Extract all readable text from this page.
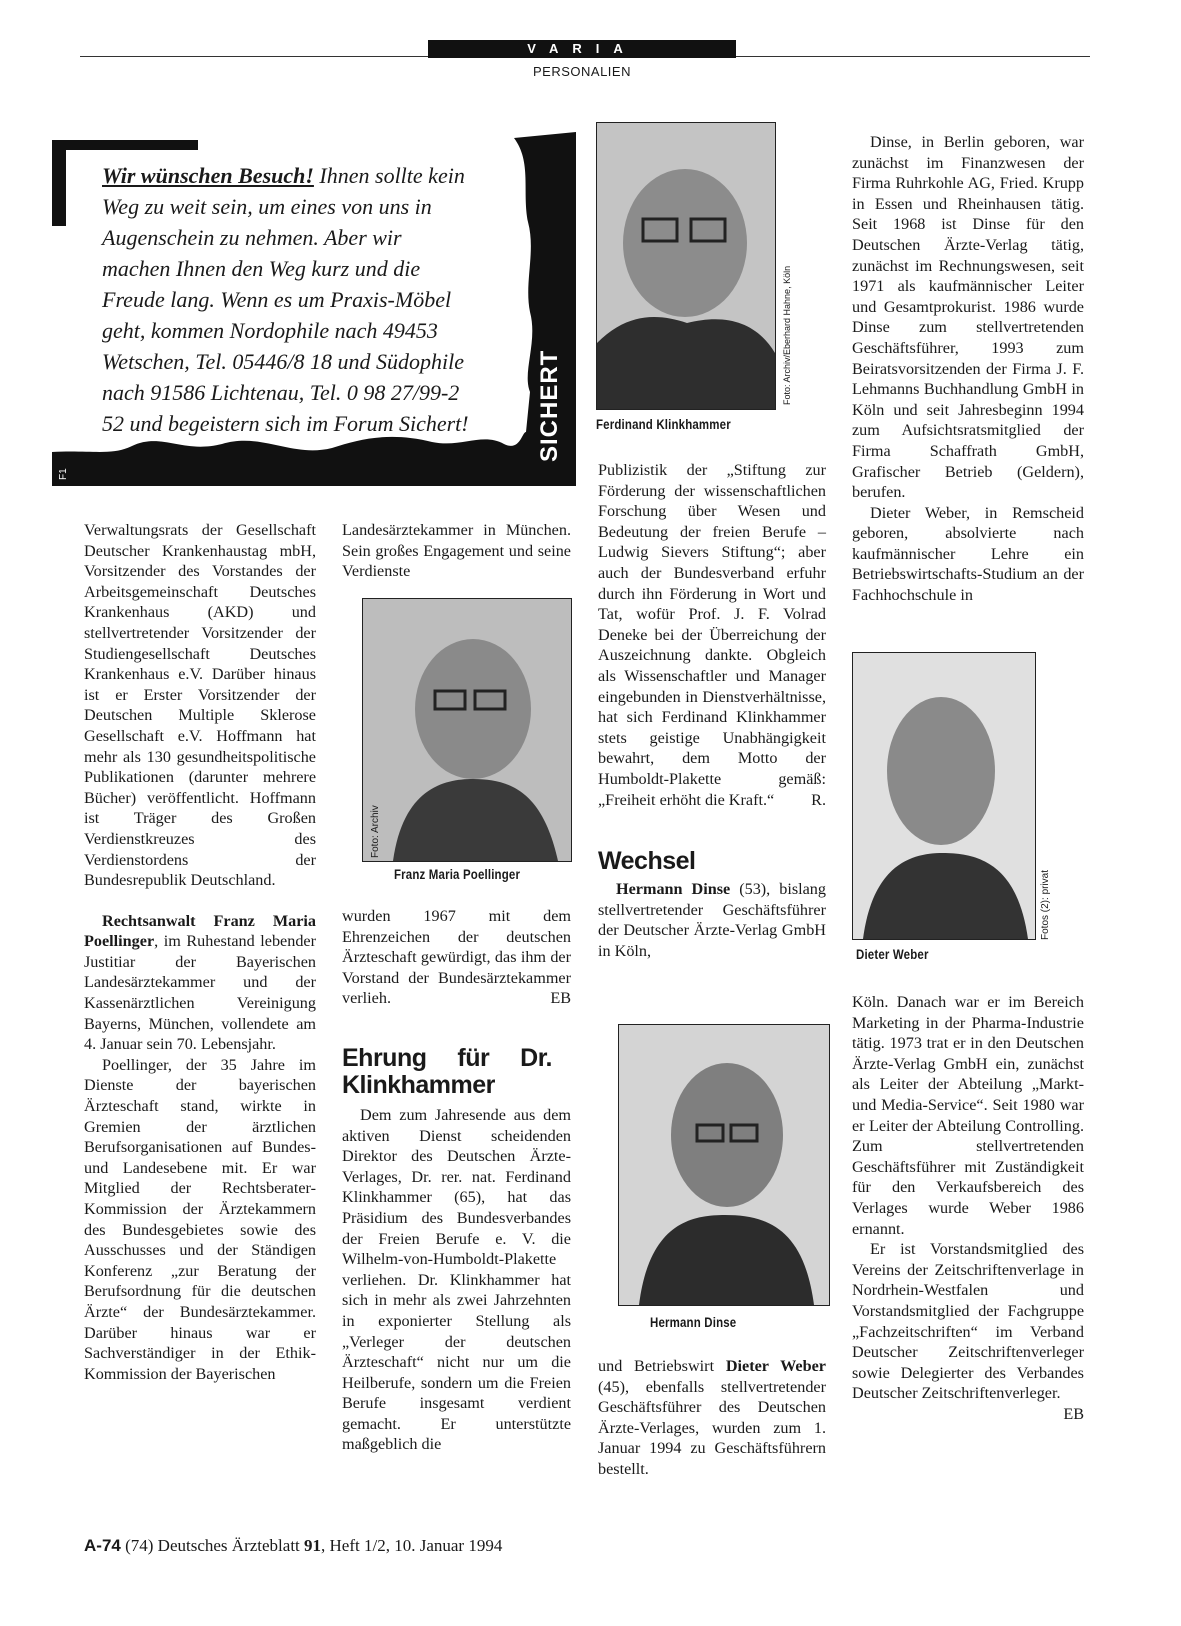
VARIA
PERSONALIEN
Wir wünschen Besuch! Ihnen sollte kein Weg zu weit sein, um eines von uns in Augenschein zu nehmen. Aber wir machen Ihnen den Weg kurz und die Freude lang. Wenn es um Praxis-Möbel geht, kommen Nordophile nach 49453 Wetschen, Tel. 05446/8 18 und Südophile nach 91586 Lichtenau, Tel. 0 98 27/99-2 52 und begeistern sich im Forum Sichert!	SICHERT
F1

Verwaltungsrats der Gesellschaft Deutscher Krankenhaustag mbH, Vorsitzender des Vorstandes der Arbeitsgemeinschaft Deutsches Krankenhaus (AKD) und stellvertretender Vorsitzender der Studiengesellschaft Deutsches Krankenhaus e.V. Darüber hinaus ist er Erster Vorsitzender der Deutschen Multiple Sklerose Gesellschaft e.V. Hoffmann hat mehr als 130 gesundheitspolitische Publikationen (darunter mehrere Bücher) veröffentlicht. Hoffmann ist Träger des Großen Verdienstkreuzes des Verdienstordens der Bundesrepublik Deutschland.

Rechtsanwalt Franz Maria Poellinger, im Ruhestand lebender Justitiar der Bayerischen Landesärztekammer und der Kassenärztlichen Vereinigung Bayerns, München, vollendete am 4. Januar sein 70. Lebensjahr.

Poellinger, der 35 Jahre im Dienste der bayerischen Ärzteschaft stand, wirkte in Gremien der ärztlichen Berufsorganisationen auf Bundes- und Landesebene mit. Er war Mitglied der Rechtsberater-Kommission der Ärztekammern des Bundesgebietes sowie des Ausschusses und der Ständigen Konferenz „zur Beratung der Berufsordnung für die deutschen Ärzte“ der Bundesärztekammer. Darüber hinaus war er Sachverständiger in der Ethik-Kommission der Bayerischen

Landesärztekammer in München. Sein großes Engagement und seine Verdienste

Foto: Archiv
Franz Maria Poellinger

wurden 1967 mit dem Ehrenzeichen der deutschen Ärzteschaft gewürdigt, das ihm der Vorstand der Bundesärztekammer verlieh.	EB

Ehrung für Dr. Klinkhammer

Dem zum Jahresende aus dem aktiven Dienst scheidenden Direktor des Deutschen Ärzte-Verlages, Dr. rer. nat. Ferdinand Klinkhammer (65), hat das Präsidium des Bundesverbandes der Freien Berufe e. V. die Wilhelm-von-Humboldt-Plakette verliehen. Dr. Klinkhammer hat sich in mehr als zwei Jahrzehnten in exponierter Stellung als „Verleger der deutschen Ärzteschaft“ nicht nur um die Heilberufe, sondern um die Freien Berufe insgesamt verdient gemacht. Er unterstützte maßgeblich die

Foto: Archiv/Eberhard Hahne, Köln
Ferdinand Klinkhammer

Publizistik der „Stiftung zur Förderung der wissenschaftlichen Forschung über Wesen und Bedeutung der freien Berufe – Ludwig Sievers Stiftung“; aber auch der Bundesverband erfuhr durch ihn Förderung in Wort und Tat, wofür Prof. J. F. Volrad Deneke bei der Überreichung der Auszeichnung dankte. Obgleich als Wissenschaftler und Manager eingebunden in Dienstverhältnisse, hat sich Ferdinand Klinkhammer stets geistige Unabhängigkeit bewahrt, dem Motto der Humboldt-Plakette gemäß: „Freiheit erhöht die Kraft.“ R.

Wechsel

Hermann Dinse (53), bislang stellvertretender Geschäftsführer der Deutscher Ärzte-Verlag GmbH in Köln,

Hermann Dinse

und Betriebswirt Dieter Weber (45), ebenfalls stellvertretender Geschäftsführer des Deutschen Ärzte-Verlages, wurden zum 1. Januar 1994 zu Geschäftsführern bestellt.

Dinse, in Berlin geboren, war zunächst im Finanzwesen der Firma Ruhrkohle AG, Fried. Krupp in Essen und Rheinhausen tätig. Seit 1968 ist Dinse für den Deutschen Ärzte-Verlag tätig, zunächst im Rechnungswesen, seit 1971 als kaufmännischer Leiter und Gesamtprokurist. 1986 wurde Dinse zum stellvertretenden Geschäftsführer, 1993 zum Beiratsvorsitzenden der Firma J. F. Lehmanns Buchhandlung GmbH in Köln und seit Jahresbeginn 1994 zum Aufsichtsratsmitglied der Firma Schaffrath GmbH, Grafischer Betrieb (Geldern), berufen.

Dieter Weber, in Remscheid geboren, absolvierte nach kaufmännischer Lehre ein Betriebswirtschafts-Studium an der Fachhochschule in

Fotos (2): privat
Dieter Weber

Köln. Danach war er im Bereich Marketing in der Pharma-Industrie tätig. 1973 trat er in den Deutschen Ärzte-Verlag GmbH ein, zunächst als Leiter der Abteilung „Markt- und Media-Service“. Seit 1980 war er Leiter der Abteilung Controlling. Zum stellvertretenden Geschäftsführer mit Zuständigkeit für den Verkaufsbereich des Verlages wurde Weber 1986 ernannt.

Er ist Vorstandsmitglied des Vereins der Zeitschriftenverlage in Nordrhein-Westfalen und Vorstandsmitglied der Fachgruppe „Fachzeitschriften“ im Verband Deutscher Zeitschriftenverleger sowie Delegierter des Verbandes Deutscher Zeitschriftenverleger.
EB

A-74 (74) Deutsches Ärzteblatt 91, Heft 1/2, 10. Januar 1994
